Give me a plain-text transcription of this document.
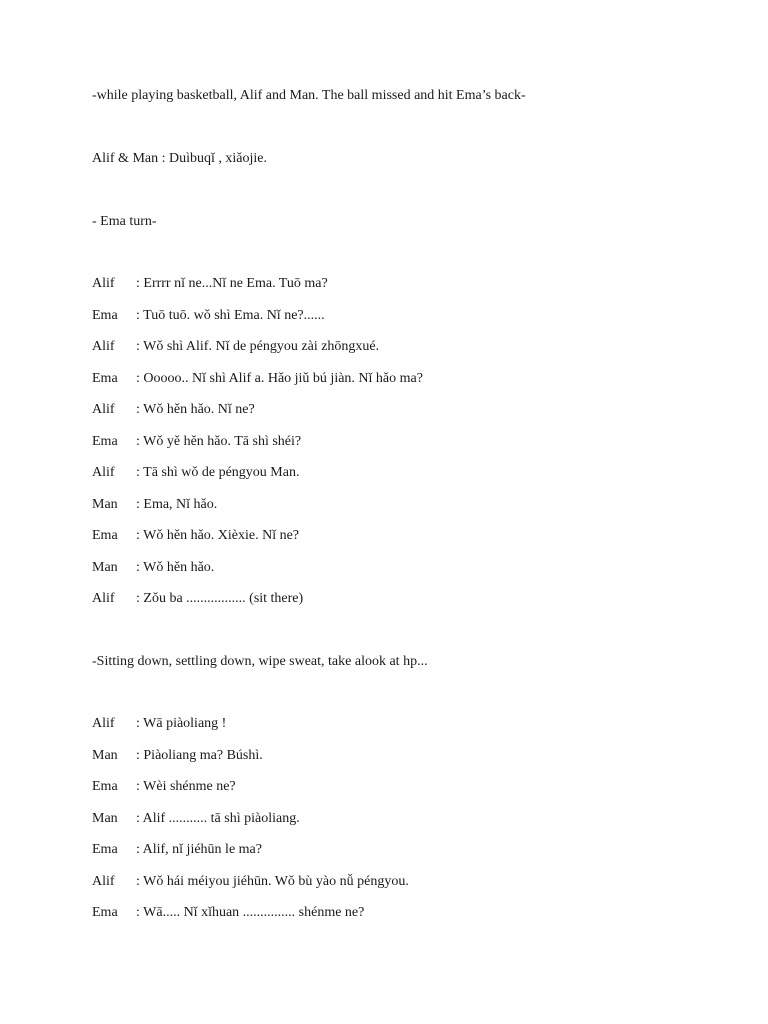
-while playing basketball, Alif and Man. The ball missed and hit Ema’s back-
Alif & Man : Duìbuqǐ , xiǎojie.
- Ema turn-
Alif : Errrr nǐ ne...Nǐ ne Ema. Tuō ma?
Ema : Tuō tuō. wǒ shì Ema. Nǐ ne?......
Alif : Wǒ shì Alif. Nǐ de péngyou zài zhōngxué.
Ema : Ooooo.. Nǐ shì Alif a. Hǎo jiǔ bú jiàn. Nǐ hǎo ma?
Alif : Wǒ hěn hǎo. Nǐ ne?
Ema : Wǒ yě hěn hǎo. Tā shì shéi?
Alif : Tā shì wǒ de péngyou Man.
Man : Ema, Nǐ hǎo.
Ema : Wǒ hěn hǎo. Xièxie. Nǐ ne?
Man : Wǒ hěn hǎo.
Alif : Zǒu ba ................. (sit there)
-Sitting down, settling down, wipe sweat, take alook at hp...
Alif : Wā piàoliang !
Man : Piàoliang ma? Búshì.
Ema : Wèi shénme ne?
Man : Alif ........... tā shì piàoliang.
Ema : Alif, nǐ jiéhūn le ma?
Alif : Wǒ hái méiyou jiéhūn. Wǒ bù yào nǚ péngyou.
Ema : Wā..... Nǐ xǐhuan ............... shénme ne?
